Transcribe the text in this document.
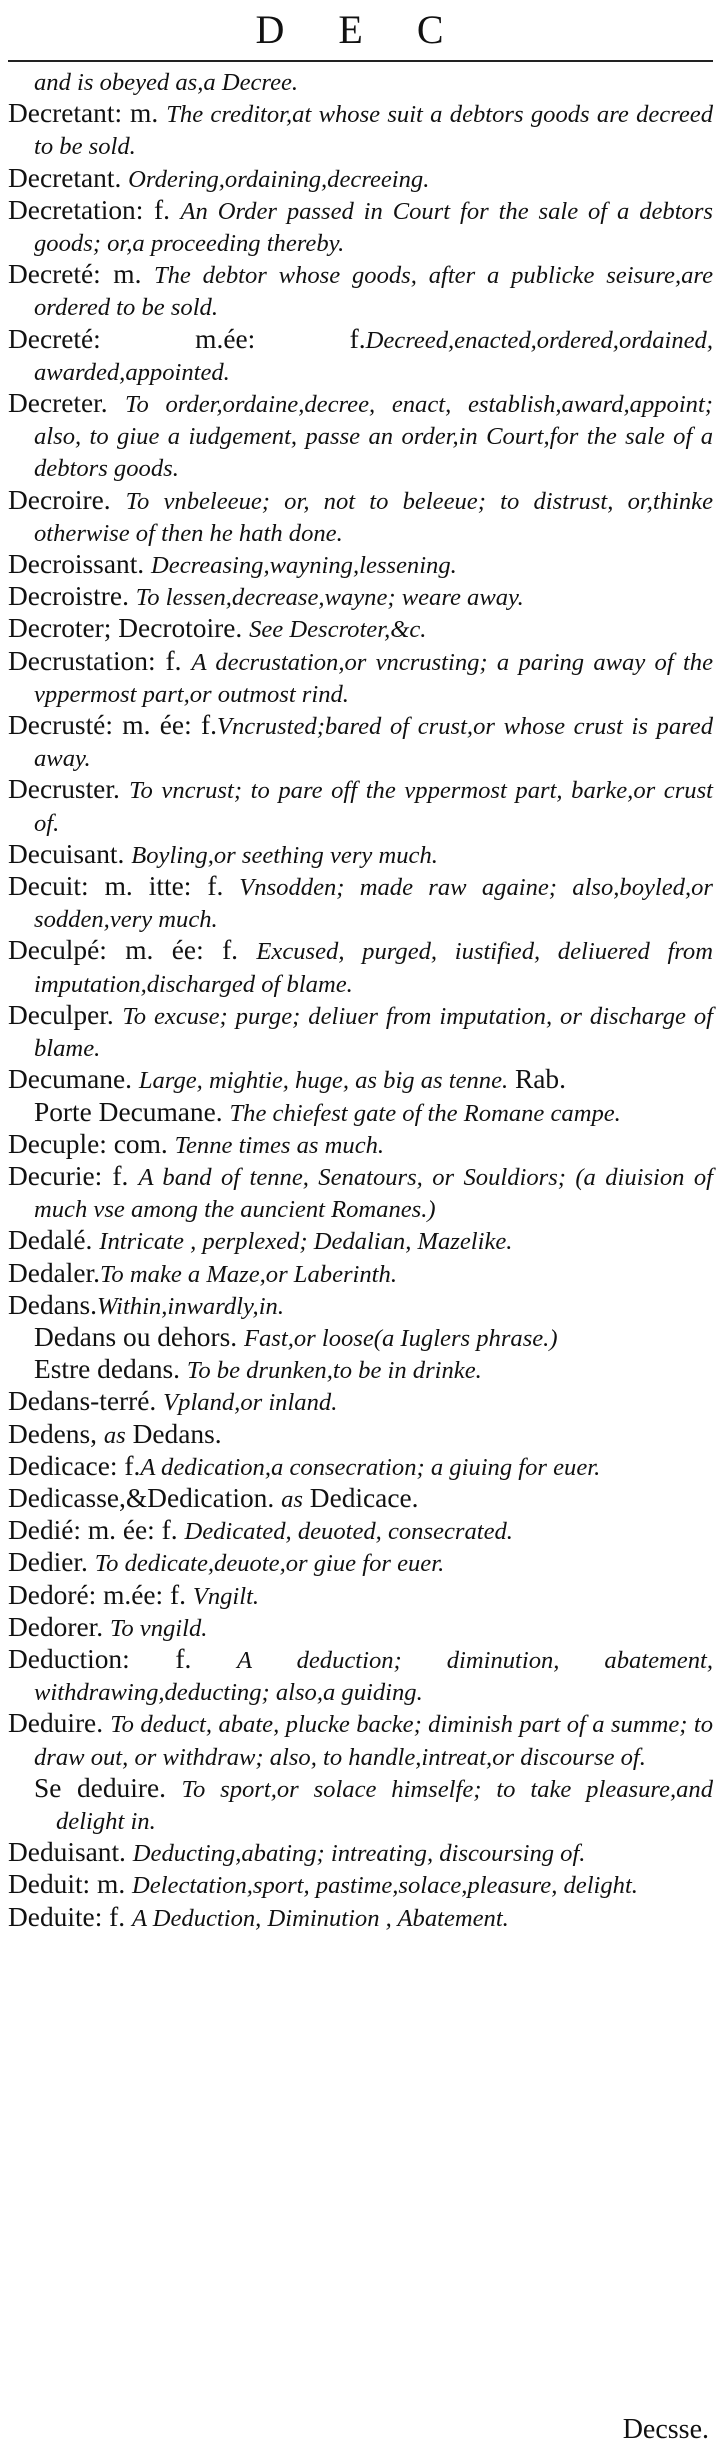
D E C

and is obeyed as,a Decree.

Decretant: m. The creditor,at whose suit a debtors goods are decreed to be sold.

Decretant. Ordering,ordaining,decreeing.

Decretation: f. An Order passed in Court for the sale of a debtors goods; or,a proceeding thereby.

Decreté: m. The debtor whose goods, after a publicke seisure,are ordered to be sold.

Decreté: m.ée: f.Decreed,enacted,ordered,ordained, awarded,appointed.

Decreter. To order,ordaine,decree, enact, establish,award,appoint; also, to giue a iudgement, passe an order,in Court,for the sale of a debtors goods.

Decroire. To vnbeleeue; or, not to beleeue; to distrust, or,thinke otherwise of then he hath done.

Decroissant. Decreasing,wayning,lessening.

Decroistre. To lessen,decrease,wayne; weare away.

Decroter; Decrotoire. See Descroter,&c.

Decrustation: f. A decrustation,or vncrusting; a paring away of the vppermost part,or outmost rind.

Decrusté: m. ée: f.Vncrusted;bared of crust,or whose crust is pared away.

Decruster. To vncrust; to pare off the vppermost part, barke,or crust of.

Decuisant. Boyling,or seething very much.

Decuit: m. itte: f. Vnsodden; made raw againe; also,boyled,or sodden,very much.

Deculpé: m. ée: f. Excused, purged, iustified, deliuered from imputation,discharged of blame.

Deculper. To excuse; purge; deliuer from imputation, or discharge of blame.

Decumane. Large, mightie, huge, as big as tenne. Rab.

Porte Decumane. The chiefest gate of the Romane campe.

Decuple: com. Tenne times as much.

Decurie: f. A band of tenne, Senatours, or Souldiors; (a diuision of much vse among the auncient Romanes.)

Dedalé. Intricate , perplexed; Dedalian, Mazelike.

Dedaler.To make a Maze,or Laberinth.

Dedans.Within,inwardly,in.

Dedans ou dehors. Fast,or loose(a Iuglers phrase.)

Estre dedans. To be drunken,to be in drinke.

Dedans-terré. Vpland,or inland.

Dedens, as Dedans.

Dedicace: f.A dedication,a consecration; a giuing for euer.

Dedicasse,&Dedication. as Dedicace.

Dedié: m. ée: f. Dedicated, deuoted, consecrated.

Dedier. To dedicate,deuote,or giue for euer.

Dedoré: m.ée: f. Vngilt.

Dedorer. To vngild.

Deduction: f. A deduction; diminution, abatement, withdrawing,deducting; also,a guiding.

Deduire. To deduct, abate, plucke backe; diminish part of a summe; to draw out, or withdraw; also, to handle,intreat,or discourse of.

Se deduire. To sport,or solace himselfe; to take pleasure,and delight in.

Deduisant. Deducting,abating; intreating, discoursing of.

Deduit: m. Delectation,sport, pastime,solace,pleasure, delight.

Deduite: f. A Deduction, Diminution , Abatement.

Decsse.
